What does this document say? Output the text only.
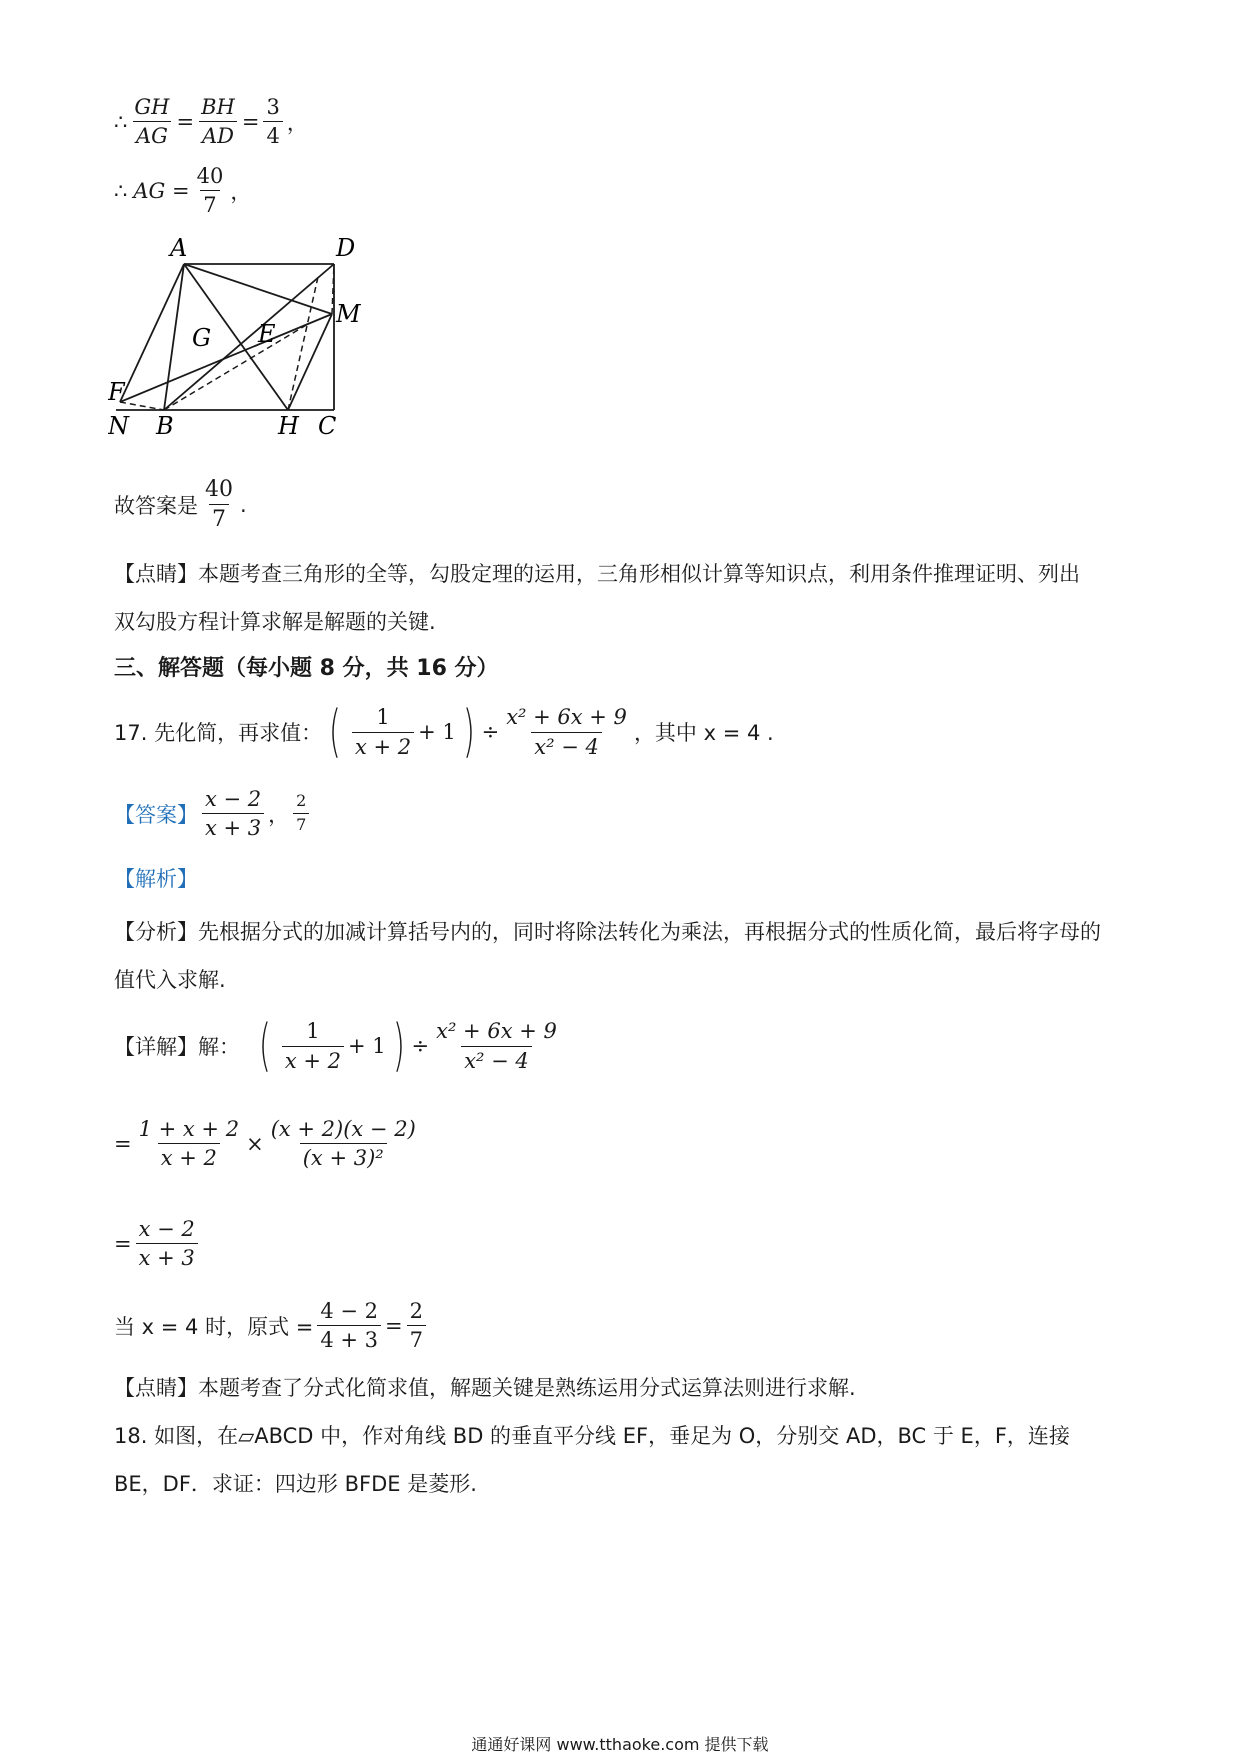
∴ $\frac{GH}{AG} = \frac{BH}{AD} = \frac{3}{4}$ ，
∴ AG = $\frac{40}{7}$ ，
A	D
M
G E
F
N B	H C
故答案是 $\frac{40}{7}$ .
【点睛】本题考查三角形的全等，勾股定理的运用，三角形相似计算等知识点，利用条件推理证明、列出
双勾股方程计算求解是解题的关键.
三、解答题（每小题 8 分，共 16 分）
17. 先化简，再求值： ( $\frac{1}{x + 2} + 1$ ) ÷ $\frac{\text{x² + 6x + 9}}{\text{x² − 4}}$ ，其中 x = 4 .
【答案】 $\frac{x - 2}{x + 3}$ ， $\frac{2}{7}$
【解析】
【分析】先根据分式的加减计算括号内的，同时将除法转化为乘法，再根据分式的性质化简，最后将字母的
值代入求解.
【详解】解： ( $\frac{1}{x + 2} + 1$ ) ÷ $\frac{\text{x² + 6x + 9}}{\text{x² − 4}}$
= $\frac{1 + x + 2}{x + 2} \times \frac{(x + 2)(x - 2)}{\text{(x + 3)²}}$
= $\frac{x - 2}{x + 3}$
当 x = 4 时，原式 = $\frac{4 - 2}{4 + 3} = \frac{2}{7}$
【点睛】本题考查了分式化简求值，解题关键是熟练运用分式运算法则进行求解.
18. 如图，在▱ABCD 中，作对角线 BD 的垂直平分线 EF，垂足为 O，分别交 AD，BC 于 E，F，连接
BE，DF．求证：四边形 BFDE 是菱形.
通通好课网 www.tthaoke.com 提供下载
